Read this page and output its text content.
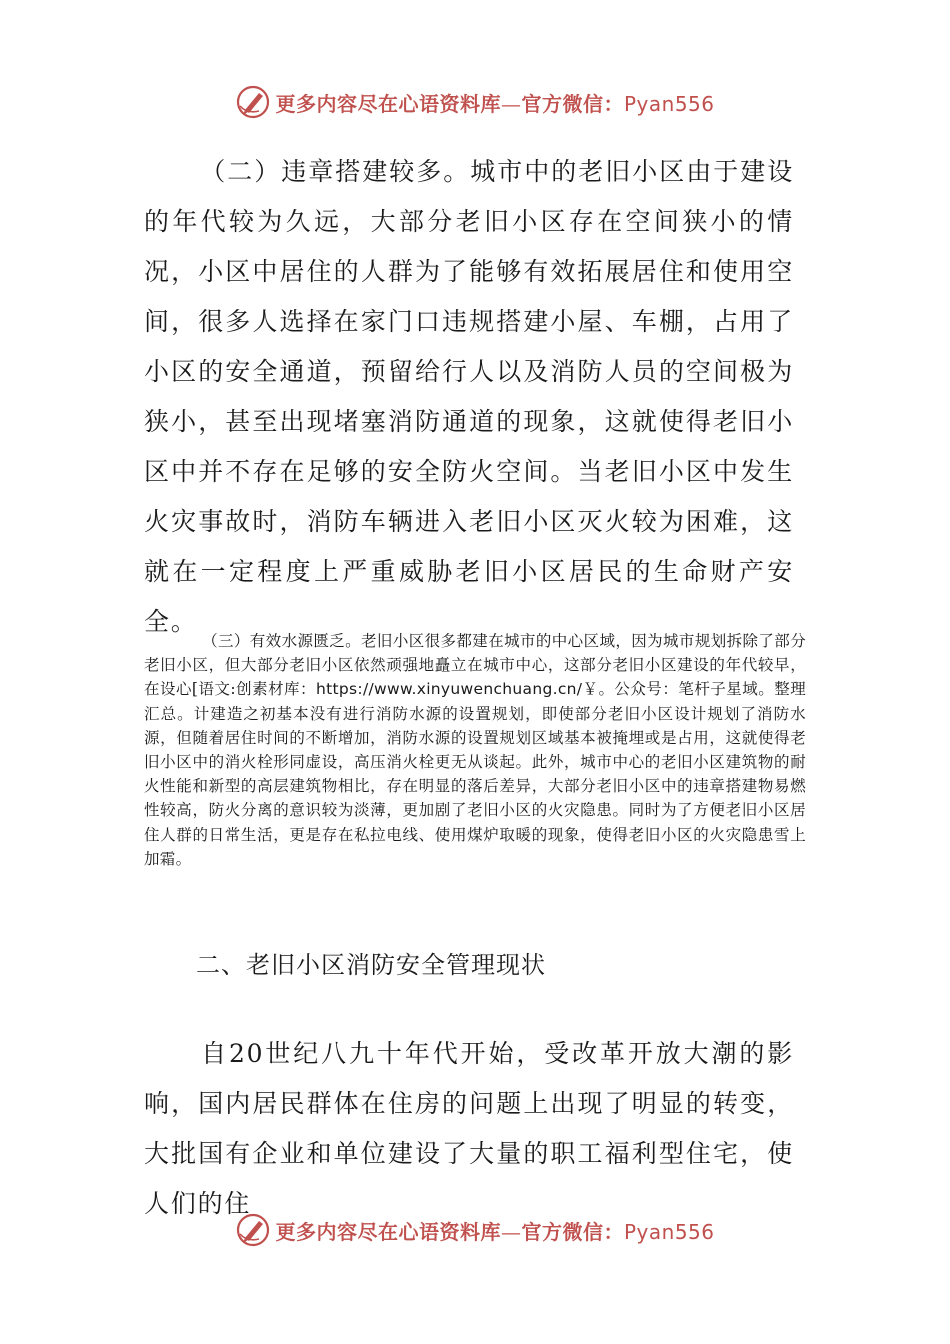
更多内容尽在心语资料库—官方微信：Pyan556

（二）违章搭建较多。城市中的老旧小区由于建设的年代较为久远，大部分老旧小区存在空间狭小的情况，小区中居住的人群为了能够有效拓展居住和使用空间，很多人选择在家门口违规搭建小屋、车棚，占用了小区的安全通道，预留给行人以及消防人员的空间极为狭小，甚至出现堵塞消防通道的现象，这就使得老旧小区中并不存在足够的安全防火空间。当老旧小区中发生火灾事故时，消防车辆进入老旧小区灭火较为困难，这就在一定程度上严重威胁老旧小区居民的生命财产安全。

（三）有效水源匮乏。老旧小区很多都建在城市的中心区域，因为城市规划拆除了部分老旧小区，但大部分老旧小区依然顽强地矗立在城市中心，这部分老旧小区建设的年代较早，在设心[语文:创素材库：https://www.xinyuwenchuang.cn/￥。公众号：笔杆子星域。整理汇总。计建造之初基本没有进行消防水源的设置规划，即使部分老旧小区设计规划了消防水源，但随着居住时间的不断增加，消防水源的设置规划区域基本被掩埋或是占用，这就使得老旧小区中的消火栓形同虚设，高压消火栓更无从谈起。此外，城市中心的老旧小区建筑物的耐火性能和新型的高层建筑物相比，存在明显的落后差异，大部分老旧小区中的违章搭建物易燃性较高，防火分离的意识较为淡薄，更加剧了老旧小区的火灾隐患。同时为了方便老旧小区居住人群的日常生活，更是存在私拉电线、使用煤炉取暖的现象，使得老旧小区的火灾隐患雪上加霜。

二、老旧小区消防安全管理现状

自20世纪八九十年代开始，受改革开放大潮的影响，国内居民群体在住房的问题上出现了明显的转变，大批国有企业和单位建设了大量的职工福利型住宅，使人们的住

更多内容尽在心语资料库—官方微信：Pyan556
